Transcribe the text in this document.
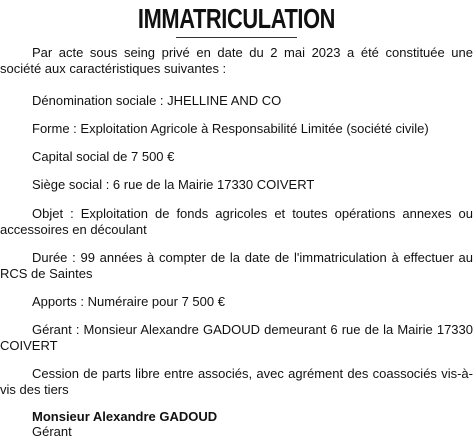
IMMATRICULATION

Par acte sous seing privé en date du 2 mai 2023 a été constituée une société aux caractéristiques suivantes :

Dénomination sociale : JHELLINE AND CO

Forme : Exploitation Agricole à Responsabilité Limitée (société civile)

Capital social de 7 500 €

Siège social : 6 rue de la Mairie 17330 COIVERT

Objet : Exploitation de fonds agricoles et toutes opérations annexes ou accessoires en découlant

Durée : 99 années à compter de la date de l'immatriculation à effectuer au RCS de Saintes

Apports : Numéraire pour 7 500 €

Gérant : Monsieur Alexandre GADOUD demeurant 6 rue de la Mairie 17330 COIVERT

Cession de parts libre entre associés, avec agrément des coassociés vis-à-vis des tiers

Monsieur Alexandre GADOUD
Gérant
